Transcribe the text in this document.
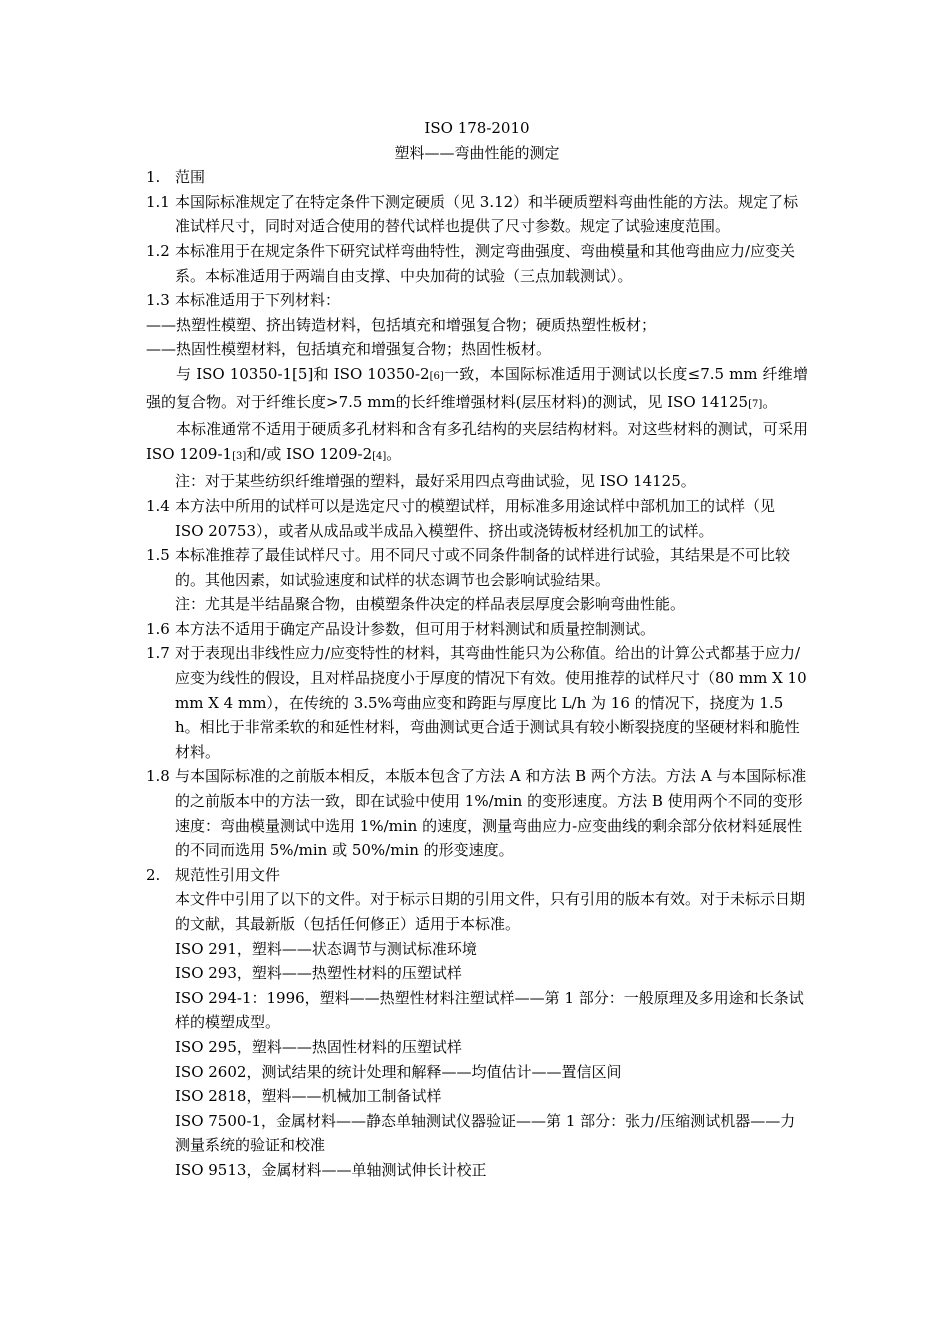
ISO 178-2010

塑料——弯曲性能的测定

1. 范围
1.1 本国际标准规定了在特定条件下测定硬质（见 3.12）和半硬质塑料弯曲性能的方法。规定了标准试样尺寸，同时对适合使用的替代试样也提供了尺寸参数。规定了试验速度范围。
1.2 本标准用于在规定条件下研究试样弯曲特性，测定弯曲强度、弯曲模量和其他弯曲应力/应变关系。本标准适用于两端自由支撑、中央加荷的试验（三点加载测试）。
1.3 本标准适用于下列材料：

——热塑性模塑、挤出铸造材料，包括填充和增强复合物；硬质热塑性板材；

——热固性模塑材料，包括填充和增强复合物；热固性板材。

与 ISO 10350-1[5]和 ISO 10350-2[6]一致，本国际标准适用于测试以长度≤7.5 mm 纤维增强的复合物。对于纤维长度>7.5 mm的长纤维增强材料(层压材料)的测试，见 ISO 14125[7]。

本标准通常不适用于硬质多孔材料和含有多孔结构的夹层结构材料。对这些材料的测试，可采用 ISO 1209-1[3]和/或 ISO 1209-2[4]。

注：对于某些纺织纤维增强的塑料，最好采用四点弯曲试验，见 ISO 14125。

1.4 本方法中所用的试样可以是选定尺寸的模塑试样，用标准多用途试样中部机加工的试样（见 ISO 20753），或者从成品或半成品入模塑件、挤出或浇铸板材经机加工的试样。
1.5 本标准推荐了最佳试样尺寸。用不同尺寸或不同条件制备的试样进行试验，其结果是不可比较的。其他因素，如试验速度和试样的状态调节也会影响试验结果。

注：尤其是半结晶聚合物，由模塑条件决定的样品表层厚度会影响弯曲性能。

1.6 本方法不适用于确定产品设计参数，但可用于材料测试和质量控制测试。
1.7 对于表现出非线性应力/应变特性的材料，其弯曲性能只为公称值。给出的计算公式都基于应力/应变为线性的假设，且对样品挠度小于厚度的情况下有效。使用推荐的试样尺寸（80 mm X 10 mm X 4 mm），在传统的 3.5%弯曲应变和跨距与厚度比 L/h 为 16 的情况下，挠度为 1.5 h。相比于非常柔软的和延性材料，弯曲测试更合适于测试具有较小断裂挠度的坚硬材料和脆性材料。
1.8 与本国际标准的之前版本相反，本版本包含了方法 A 和方法 B 两个方法。方法 A 与本国际标准的之前版本中的方法一致，即在试验中使用 1%/min 的变形速度。方法 B 使用两个不同的变形速度：弯曲模量测试中选用 1%/min 的速度，测量弯曲应力-应变曲线的剩余部分依材料延展性的不同而选用 5%/min 或 50%/min 的形变速度。
2. 规范性引用文件

本文件中引用了以下的文件。对于标示日期的引用文件，只有引用的版本有效。对于未标示日期的文献，其最新版（包括任何修正）适用于本标准。

ISO 291，塑料——状态调节与测试标准环境

ISO 293，塑料——热塑性材料的压塑试样

ISO 294-1：1996，塑料——热塑性材料注塑试样——第 1 部分：一般原理及多用途和长条试样的模塑成型。

ISO 295，塑料——热固性材料的压塑试样

ISO 2602，测试结果的统计处理和解释——均值估计——置信区间

ISO 2818，塑料——机械加工制备试样

ISO 7500-1，金属材料——静态单轴测试仪器验证——第 1 部分：张力/压缩测试机器——力测量系统的验证和校准

ISO 9513，金属材料——单轴测试伸长计校正
